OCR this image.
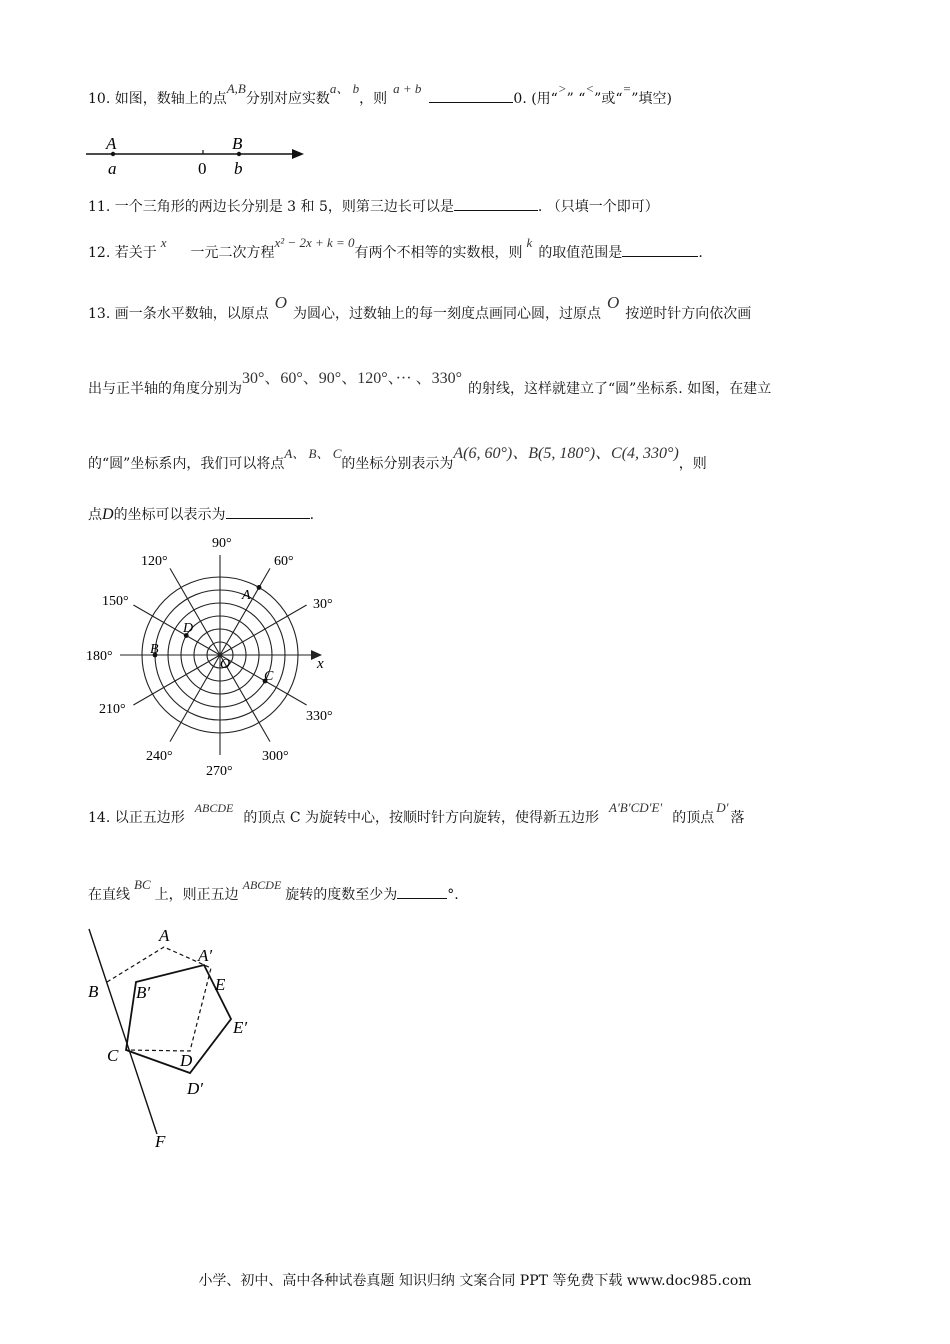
10. 如图，数轴上的点A,B分别对应实数a、 b，则a + b0. (用“>” “<”或“=”填空)
A	B
a	0 b
11. 一个三角形的两边长分别是 3 和 5，则第三边长可以是	. （只填一个即可）
12. 若关于x一元二次方程x² − 2x + k = 0有两个不相等的实数根，则k的取值范围是	.
13. 画一条水平数轴，以原点O为圆心，过数轴上的每一刻度点画同心圆，过原点O按逆时针方向依次画
出与正半轴的角度分别为30°、60°、90°、120°、··· 、330°的射线，这样就建立了“圆”坐标系. 如图，在建立
的“圆”坐标系内，我们可以将点A、 B、 C的坐标分别表示为A(6, 60°)、B(5, 180°)、C(4, 330°)，则
点D的坐标可以表示为	.
90°
60°
30°
120°
150°
180°
210°
240°
270°
300°
330°
x
A
B
C
D
O
14. 以正五边形ABCDE的顶点 C 为旋转中心，按顺时针方向旋转，使得新五边形A′B′CD′E′的顶点D′落
在直线BC上，则正五边ABCDE旋转的度数至少为	°.
A
A′
B B′	E
E′
C	D
D′
F
小学、初中、高中各种试卷真题 知识归纳 文案合同 PPT 等免费下载 www.doc985.com
